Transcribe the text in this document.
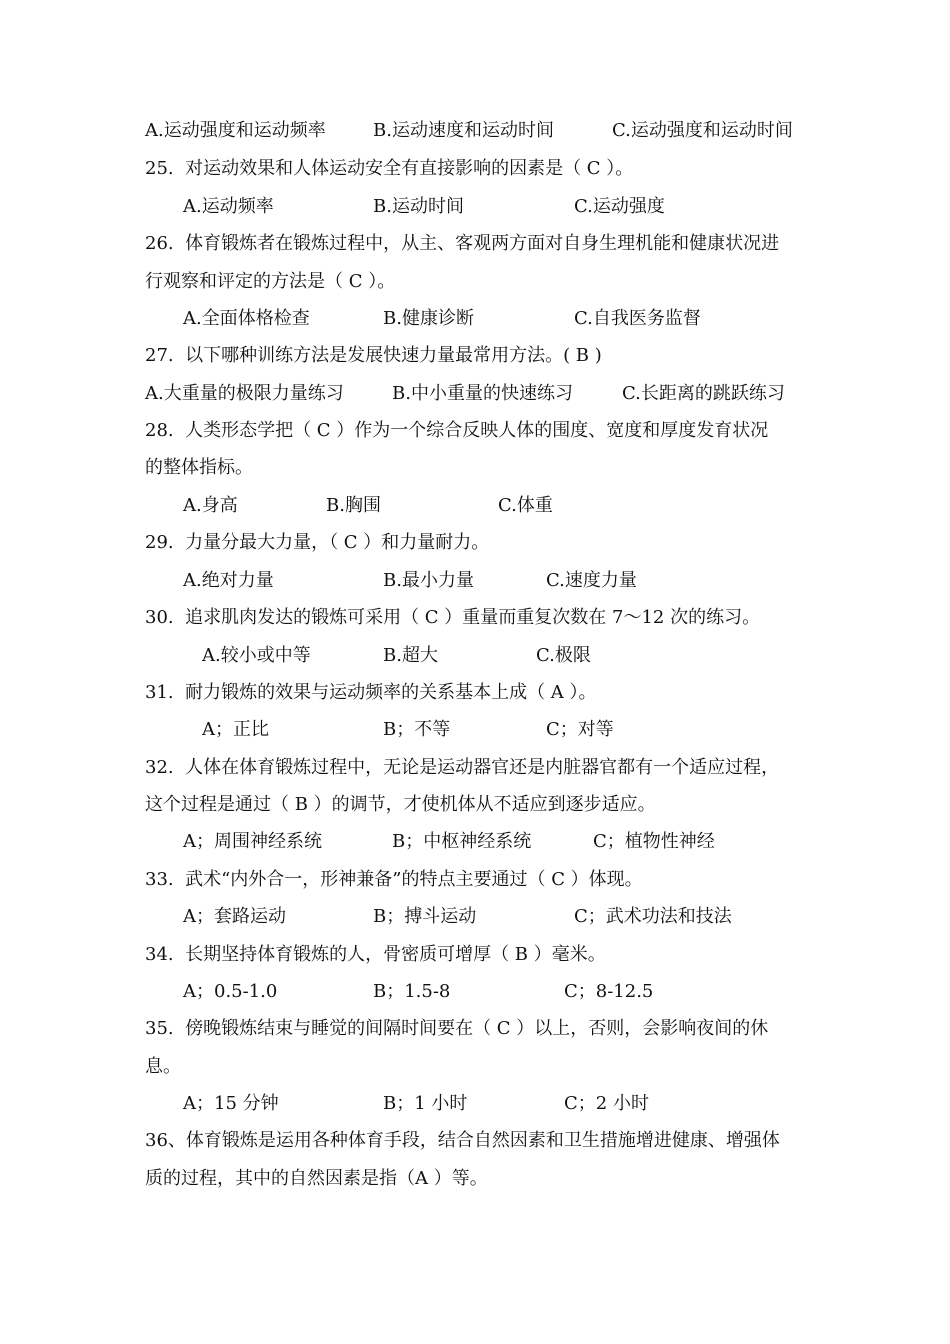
A.运动强度和运动频率	B.运动速度和运动时间	C.运动强度和运动时间
25.  对运动效果和人体运动安全有直接影响的因素是（ C ）。
A.运动频率	B.运动时间	C.运动强度
26.  体育锻炼者在锻炼过程中，从主、客观两方面对自身生理机能和健康状况进
行观察和评定的方法是（ C ）。
A.全面体格检查	B.健康诊断	C.自我医务监督
27.  以下哪种训练方法是发展快速力量最常用方法。( B )
A.大重量的极限力量练习	B.中小重量的快速练习	C.长距离的跳跃练习
28.  人类形态学把（ C ）作为一个综合反映人体的围度、宽度和厚度发育状况
的整体指标。
A.身高	B.胸围	C.体重
29.  力量分最大力量，（ C ）和力量耐力。
A.绝对力量	B.最小力量	C.速度力量
30.  追求肌肉发达的锻炼可采用（ C ）重量而重复次数在 7～12 次的练习。
A.较小或中等	B.超大	C.极限
31.  耐力锻炼的效果与运动频率的关系基本上成（ A ）。
A；正比	B；不等	C；对等
32.  人体在体育锻炼过程中，无论是运动器官还是内脏器官都有一个适应过程，
这个过程是通过（ B ）的调节，才使机体从不适应到逐步适应。
A；周围神经系统	B；中枢神经系统	C；植物性神经
33.  武术“内外合一，形神兼备”的特点主要通过（ C ）体现。
A；套路运动	B；搏斗运动	C；武术功法和技法
34.  长期坚持体育锻炼的人，骨密质可增厚（ B ）毫米。
A；0.5-1.0	B；1.5-8	C；8-12.5
35.  傍晚锻炼结束与睡觉的间隔时间要在（ C ）以上，否则，会影响夜间的休
息。
A；15 分钟	B；1 小时	C；2 小时
36、体育锻炼是运用各种体育手段，结合自然因素和卫生措施增进健康、增强体
质的过程，其中的自然因素是指（A ）等。
